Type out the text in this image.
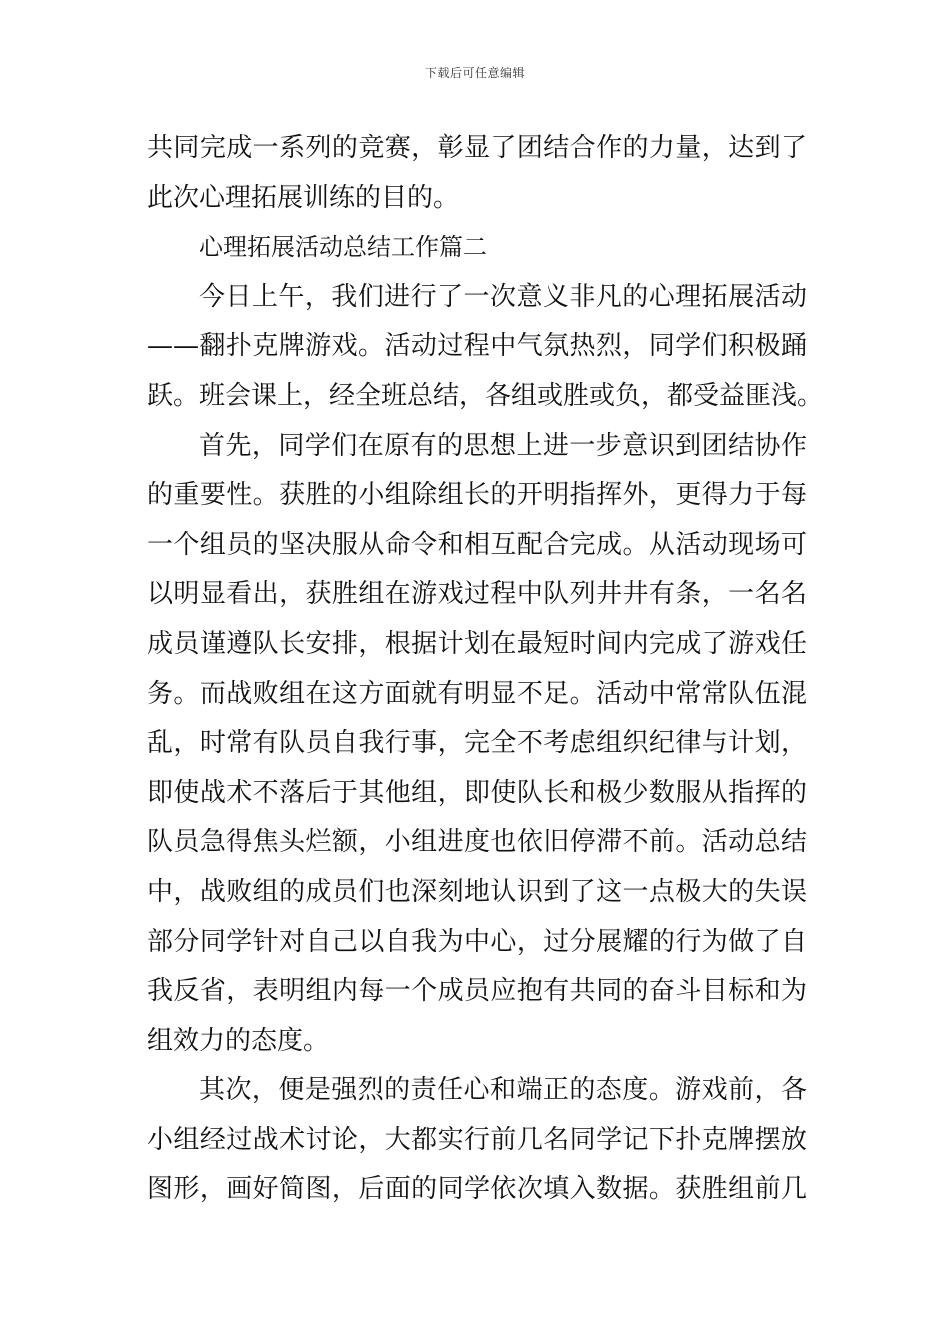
下载后可任意编辑

共同完成一系列的竞赛，彰显了团结合作的力量，达到了
此次心理拓展训练的目的。

心理拓展活动总结工作篇二

今日上午，我们进行了一次意义非凡的心理拓展活动
——翻扑克牌游戏。活动过程中气氛热烈，同学们积极踊
跃。班会课上，经全班总结，各组或胜或负，都受益匪浅。

首先，同学们在原有的思想上进一步意识到团结协作
的重要性。获胜的小组除组长的开明指挥外，更得力于每
一个组员的坚决服从命令和相互配合完成。从活动现场可
以明显看出，获胜组在游戏过程中队列井井有条，一名名
成员谨遵队长安排，根据计划在最短时间内完成了游戏任
务。而战败组在这方面就有明显不足。活动中常常队伍混
乱，时常有队员自我行事，完全不考虑组织纪律与计划，
即使战术不落后于其他组，即使队长和极少数服从指挥的
队员急得焦头烂额，小组进度也依旧停滞不前。活动总结
中，战败组的成员们也深刻地认识到了这一点极大的失误
部分同学针对自己以自我为中心，过分展耀的行为做了自
我反省，表明组内每一个成员应抱有共同的奋斗目标和为
组效力的态度。

其次，便是强烈的责任心和端正的态度。游戏前，各
小组经过战术讨论，大都实行前几名同学记下扑克牌摆放
图形，画好简图，后面的同学依次填入数据。获胜组前几
